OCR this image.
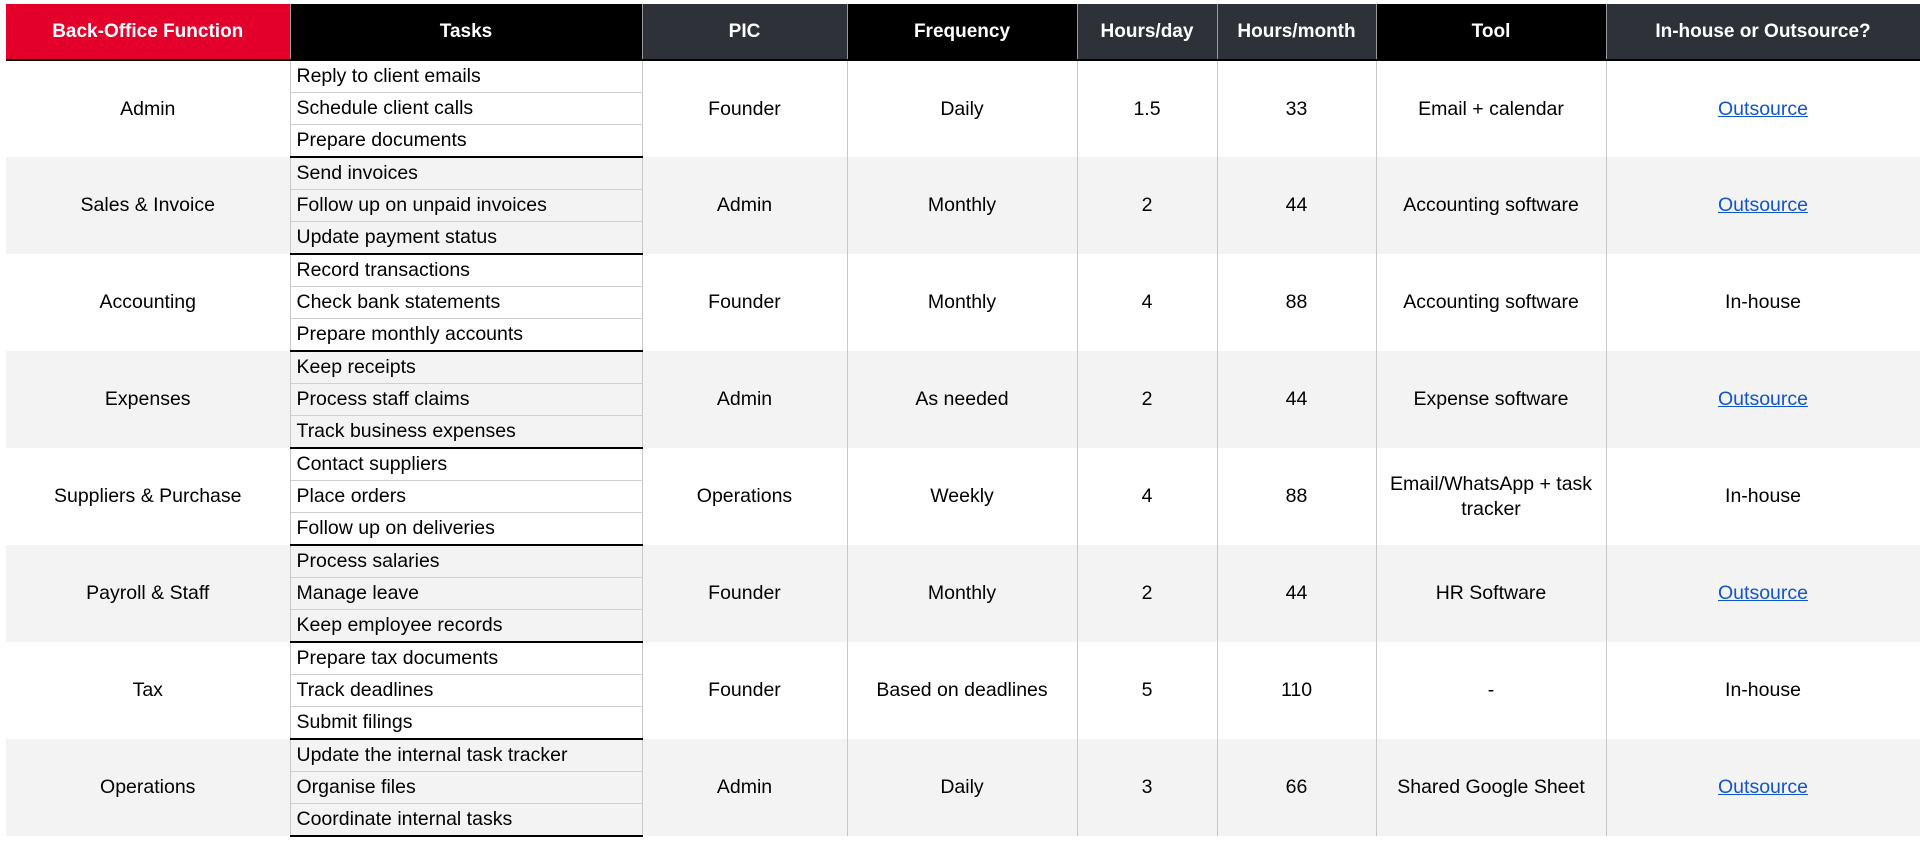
Back-Office Function	Tasks	PIC	Frequency	Hours/day	Hours/month	Tool	In-house or Outsource?
Admin	Reply to client emails	Founder	Daily	1.5	33	Email + calendar	Outsource
	Schedule client calls						
	Prepare documents						
Sales & Invoice	Send invoices	Admin	Monthly	2	44	Accounting software	Outsource
	Follow up on unpaid invoices						
	Update payment status						
Accounting	Record transactions	Founder	Monthly	4	88	Accounting software	In-house
	Check bank statements						
	Prepare monthly accounts						
Expenses	Keep receipts	Admin	As needed	2	44	Expense software	Outsource
	Process staff claims						
	Track business expenses						
Suppliers & Purchase	Contact suppliers	Operations	Weekly	4	88	Email/WhatsApp + task tracker	In-house
	Place orders						
	Follow up on deliveries						
Payroll & Staff	Process salaries	Founder	Monthly	2	44	HR Software	Outsource
	Manage leave						
	Keep employee records						
Tax	Prepare tax documents	Founder	Based on deadlines	5	110	-	In-house
	Track deadlines						
	Submit filings						
Operations	Update the internal task tracker	Admin	Daily	3	66	Shared Google Sheet	Outsource
	Organise files						
	Coordinate internal tasks						
